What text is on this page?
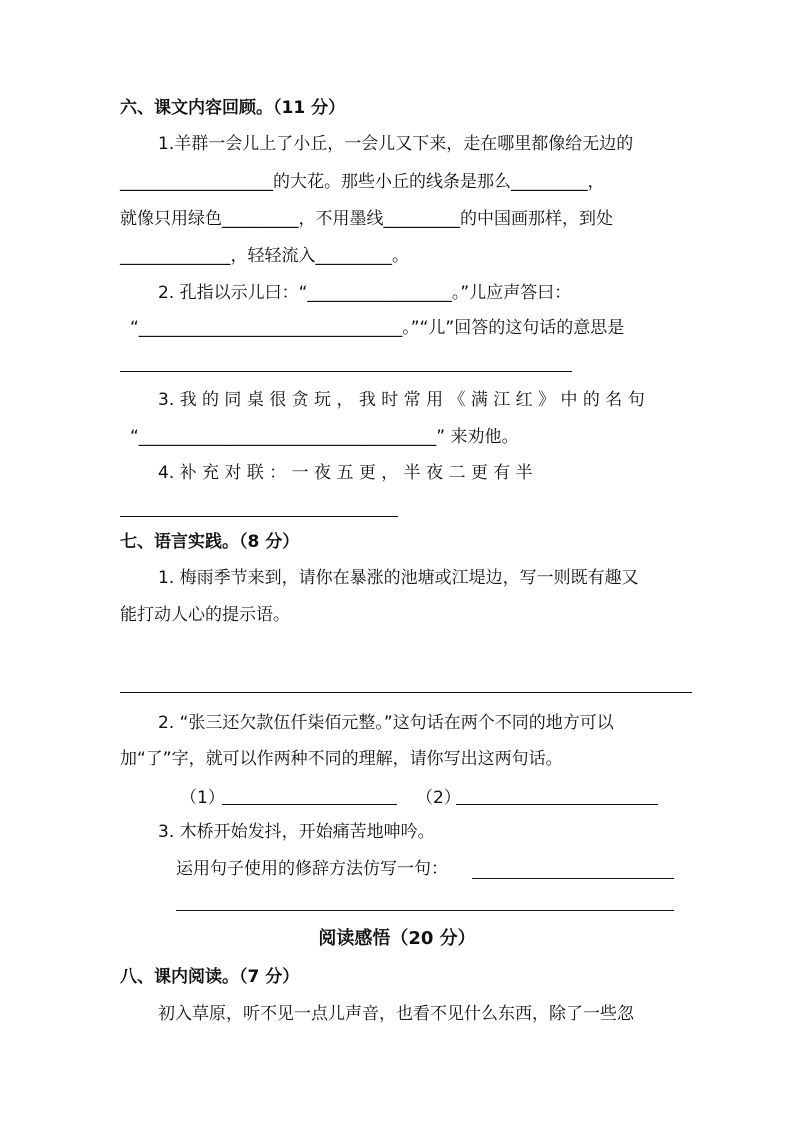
六、课文内容回顾。（11 分）
1.羊群一会儿上了小丘，一会儿又下来，走在哪里都像给无边的
__________________的大花。那些小丘的线条是那么_________，
就像只用绿色_________，不用墨线_________的中国画那样，到处
_____________，轻轻流入_________。
2. 孔指以示儿曰：“_________________。”儿应声答曰：
“_______________________________。”“儿”回答的这句话的意思是
3. 我 的 同 桌 很 贪 玩 ， 我 时 常 用 《 满 江 红 》 中 的 名 句
“___________________________________” 来劝他。
4. 补 充 对 联 ： 一 夜 五 更 ， 半 夜 二 更 有 半
七、语言实践。（8 分）
1. 梅雨季节来到，请你在暴涨的池塘或江堤边，写一则既有趣又
能打动人心的提示语。
2. “张三还欠款伍仟柒佰元整。”这句话在两个不同的地方可以
加“了”字，就可以作两种不同的理解，请你写出这两句话。
（1）	（2）
3. 木桥开始发抖，开始痛苦地呻吟。
运用句子使用的修辞方法仿写一句：
阅读感悟（20 分）
八、课内阅读。（7 分）
初入草原，听不见一点儿声音，也看不见什么东西，除了一些忽
